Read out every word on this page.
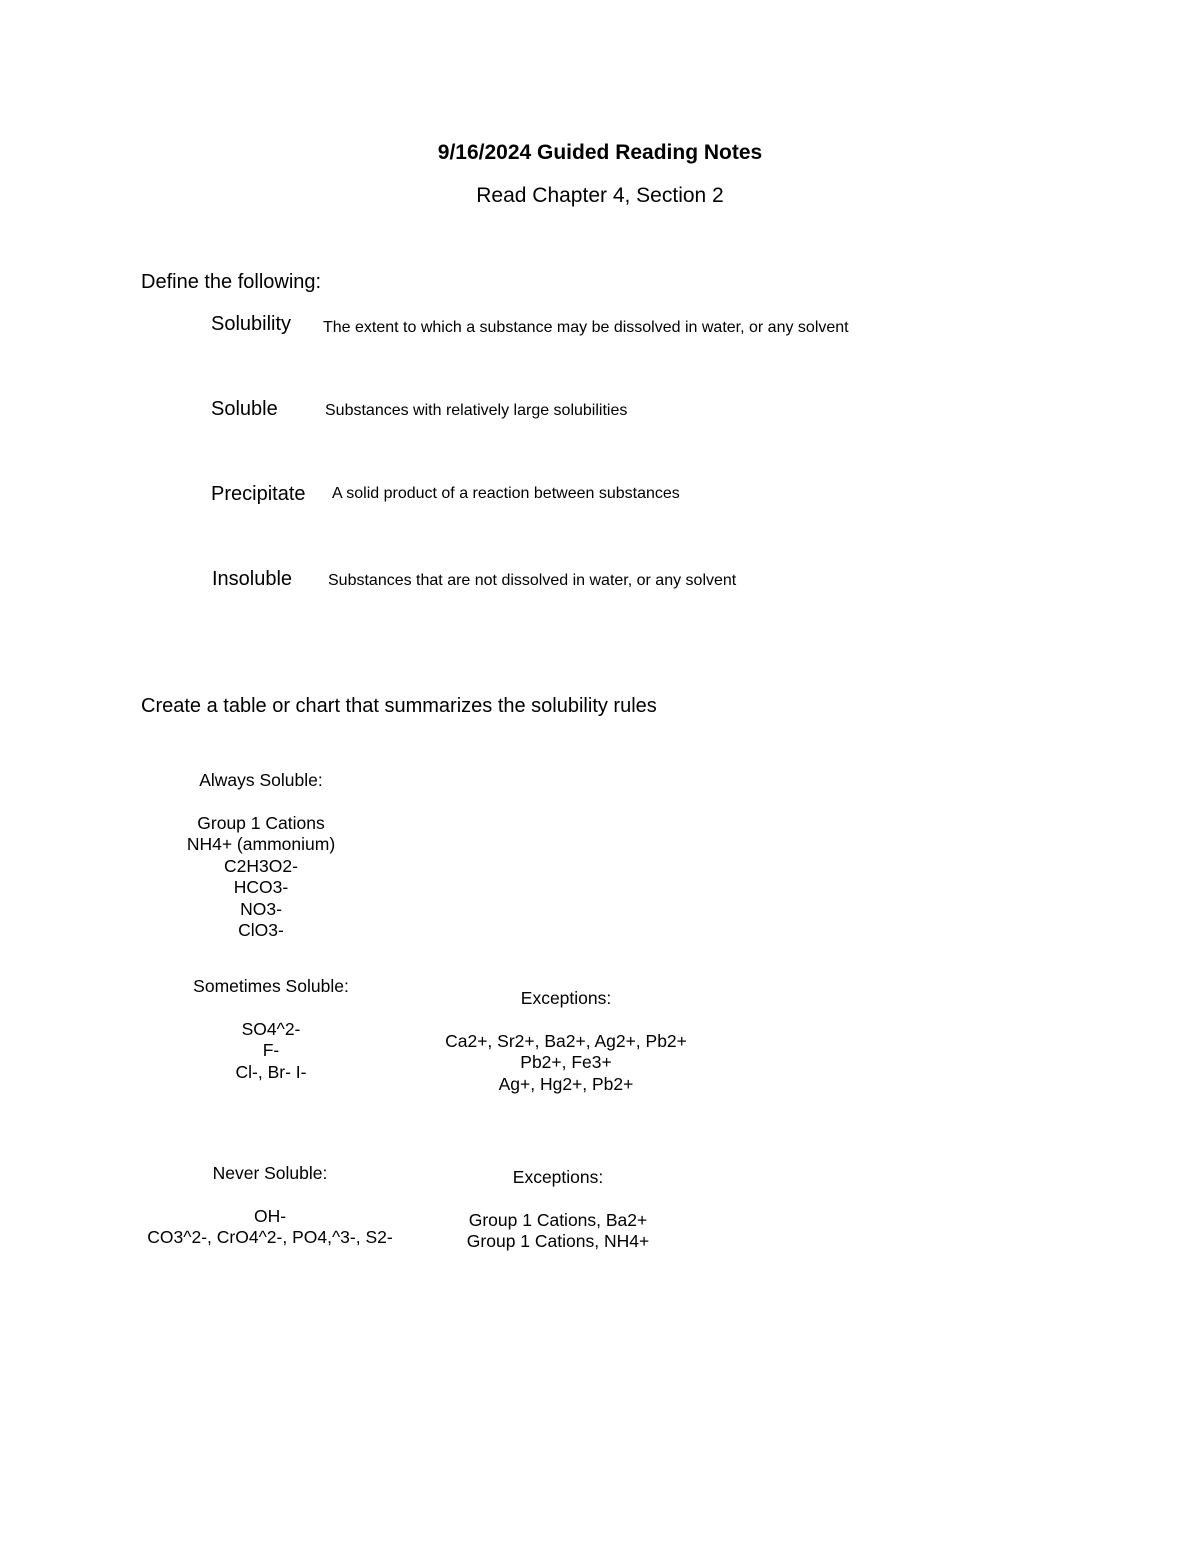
9/16/2024 Guided Reading Notes
Read Chapter 4, Section 2
Define the following:
Solubility The extent to which a substance may be dissolved in water, or any solvent
Soluble	Substances with relatively large solubilities
Precipitate A solid product of a reaction between substances
Insoluble Substances that are not dissolved in water, or any solvent
Create a table or chart that summarizes the solubility rules
Always Soluble:
Group 1 Cations
NH4+ (ammonium)
C2H3O2-
HCO3-
NO3-
ClO3-
Sometimes Soluble:
SO4^2-
F-
Cl-, Br- I-
Exceptions:
Ca2+, Sr2+, Ba2+, Ag2+, Pb2+
Pb2+, Fe3+
Ag+, Hg2+, Pb2+
Never Soluble:
OH-
CO3^2-, CrO4^2-, PO4,^3-, S2-
Exceptions:
Group 1 Cations, Ba2+
Group 1 Cations, NH4+
